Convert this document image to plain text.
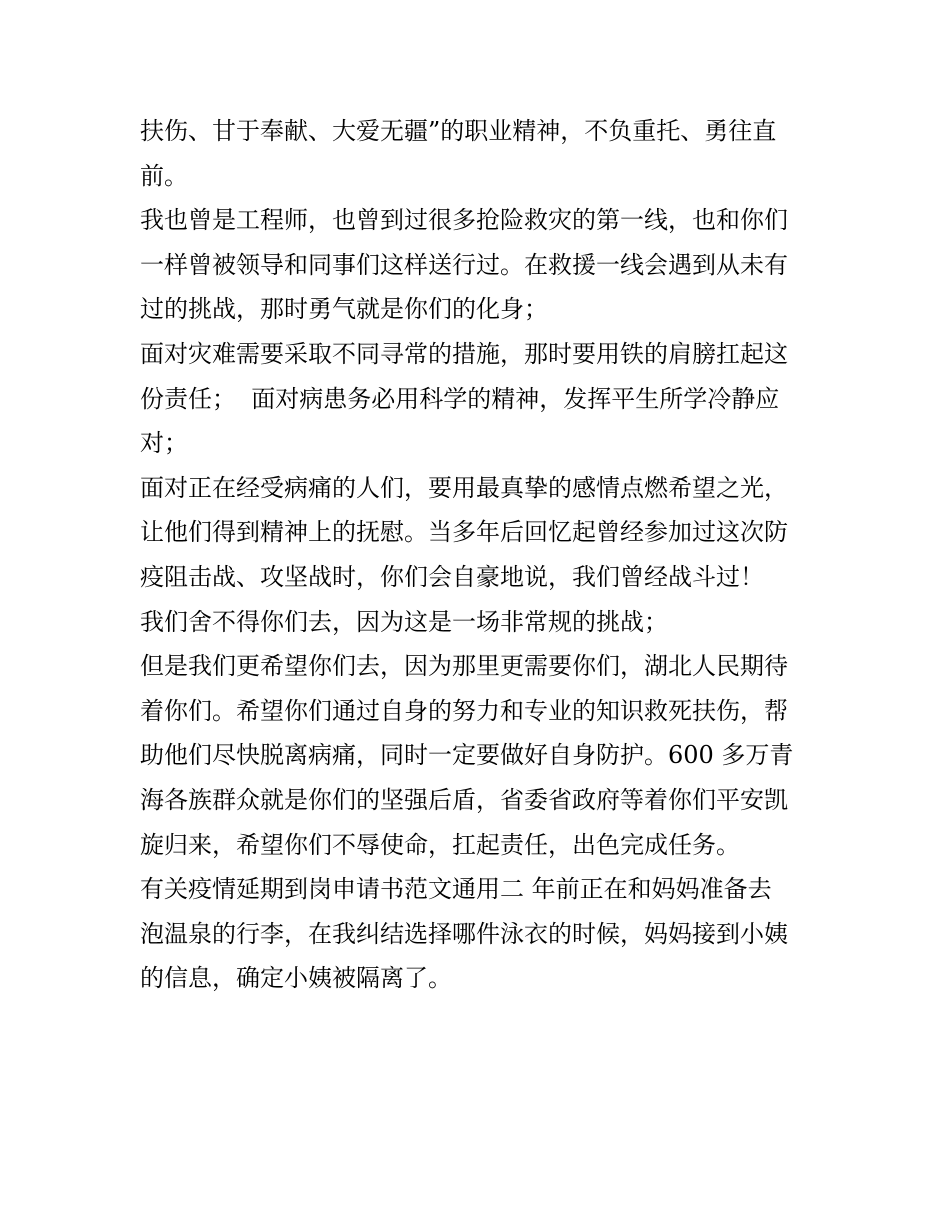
扶伤、甘于奉献、大爱无疆”的职业精神，不负重托、勇往直
前。
我也曾是工程师，也曾到过很多抢险救灾的第一线，也和你们
一样曾被领导和同事们这样送行过。在救援一线会遇到从未有
过的挑战，那时勇气就是你们的化身；
面对灾难需要采取不同寻常的措施，那时要用铁的肩膀扛起这
份责任；  面对病患务必用科学的精神，发挥平生所学冷静应
对；
面对正在经受病痛的人们，要用最真挚的感情点燃希望之光，
让他们得到精神上的抚慰。当多年后回忆起曾经参加过这次防
疫阻击战、攻坚战时，你们会自豪地说，我们曾经战斗过！
我们舍不得你们去，因为这是一场非常规的挑战；
但是我们更希望你们去，因为那里更需要你们，湖北人民期待
着你们。希望你们通过自身的努力和专业的知识救死扶伤，帮
助他们尽快脱离病痛，同时一定要做好自身防护。600 多万青
海各族群众就是你们的坚强后盾，省委省政府等着你们平安凯
旋归来，希望你们不辱使命，扛起责任，出色完成任务。
有关疫情延期到岗申请书范文通用二 年前正在和妈妈准备去
泡温泉的行李，在我纠结选择哪件泳衣的时候，妈妈接到小姨
的信息，确定小姨被隔离了。
